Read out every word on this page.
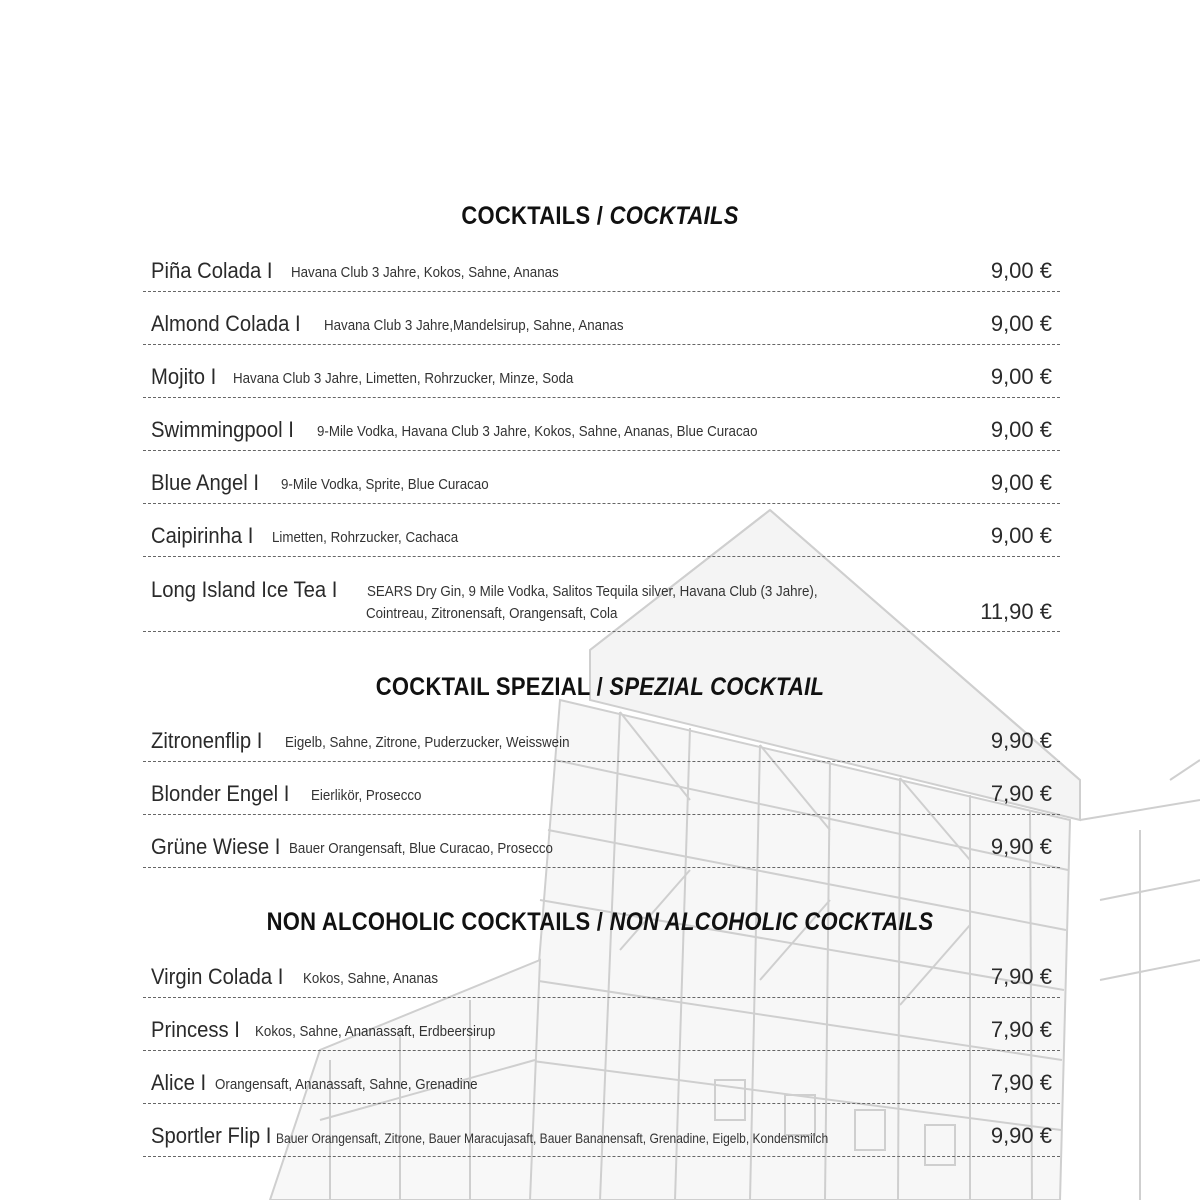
COCKTAILS / COCKTAILS
Piña Colada I Havana Club 3 Jahre, Kokos, Sahne, Ananas	9,00 €
Almond Colada I Havana Club 3 Jahre,Mandelsirup, Sahne, Ananas	9,00 €
Mojito I Havana Club 3 Jahre, Limetten, Rohrzucker, Minze, Soda	9,00 €
Swimmingpool I 9-Mile Vodka, Havana Club 3 Jahre, Kokos, Sahne, Ananas, Blue Curacao	9,00 €
Blue Angel I 9-Mile Vodka, Sprite, Blue Curacao	9,00 €
Caipirinha I Limetten, Rohrzucker, Cachaca	9,00 €
Long Island Ice Tea I SEARS Dry Gin, 9 Mile Vodka, Salitos Tequila silver, Havana Club (3 Jahre),
Cointreau, Zitronensaft, Orangensaft, Cola	11,90 €
COCKTAIL SPEZIAL / SPEZIAL COCKTAIL
Zitronenflip I Eigelb, Sahne, Zitrone, Puderzucker, Weisswein	9,90 €
Blonder Engel I Eierlikör, Prosecco	7,90 €
Grüne Wiese I Bauer Orangensaft, Blue Curacao, Prosecco	9,90 €
NON ALCOHOLIC COCKTAILS / NON ALCOHOLIC COCKTAILS
Virgin Colada I Kokos, Sahne, Ananas	7,90 €
Princess I Kokos, Sahne, Ananassaft, Erdbeersirup	7,90 €
Alice I Orangensaft, Ananassaft, Sahne, Grenadine	7,90 €
Sportler Flip I Bauer Orangensaft, Zitrone, Bauer Maracujasaft, Bauer Bananensaft, Grenadine, Eigelb, Kondensmilch	9,90 €
